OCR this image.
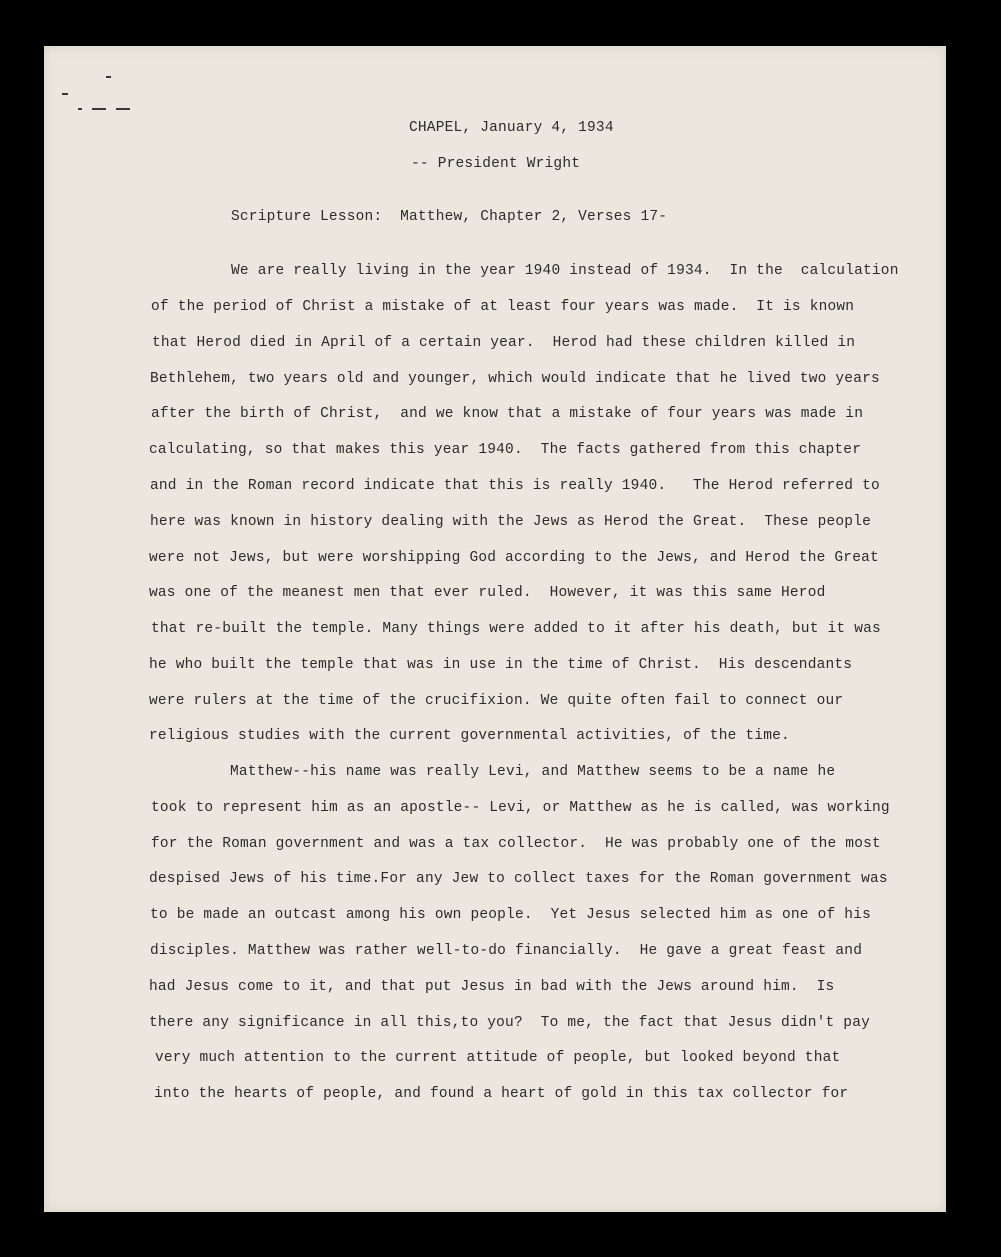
CHAPEL, January 4, 1934
-- President Wright
Scripture Lesson:  Matthew, Chapter 2, Verses 17-
We are really living in the year 1940 instead of 1934.  In the  calculation
of the period of Christ a mistake of at least four years was made.  It is known
that Herod died in April of a certain year.  Herod had these children killed in
Bethlehem, two years old and younger, which would indicate that he lived two years
after the birth of Christ,  and we know that a mistake of four years was made in
calculating, so that makes this year 1940.  The facts gathered from this chapter
and in the Roman record indicate that this is really 1940.   The Herod referred to
here was known in history dealing with the Jews as Herod the Great.  These people
were not Jews, but were worshipping God according to the Jews, and Herod the Great
was one of the meanest men that ever ruled.  However, it was this same Herod
that re-built the temple. Many things were added to it after his death, but it was
he who built the temple that was in use in the time of Christ.  His descendants
were rulers at the time of the crucifixion. We quite often fail to connect our
religious studies with the current governmental activities, of the time.
Matthew--his name was really Levi, and Matthew seems to be a name he
took to represent him as an apostle-- Levi, or Matthew as he is called, was working
for the Roman government and was a tax collector.  He was probably one of the most
despised Jews of his time.For any Jew to collect taxes for the Roman government was
to be made an outcast among his own people.  Yet Jesus selected him as one of his
disciples. Matthew was rather well-to-do financially.  He gave a great feast and
had Jesus come to it, and that put Jesus in bad with the Jews around him.  Is
there any significance in all this,to you?  To me, the fact that Jesus didn't pay
very much attention to the current attitude of people, but looked beyond that
into the hearts of people, and found a heart of gold in this tax collector for
